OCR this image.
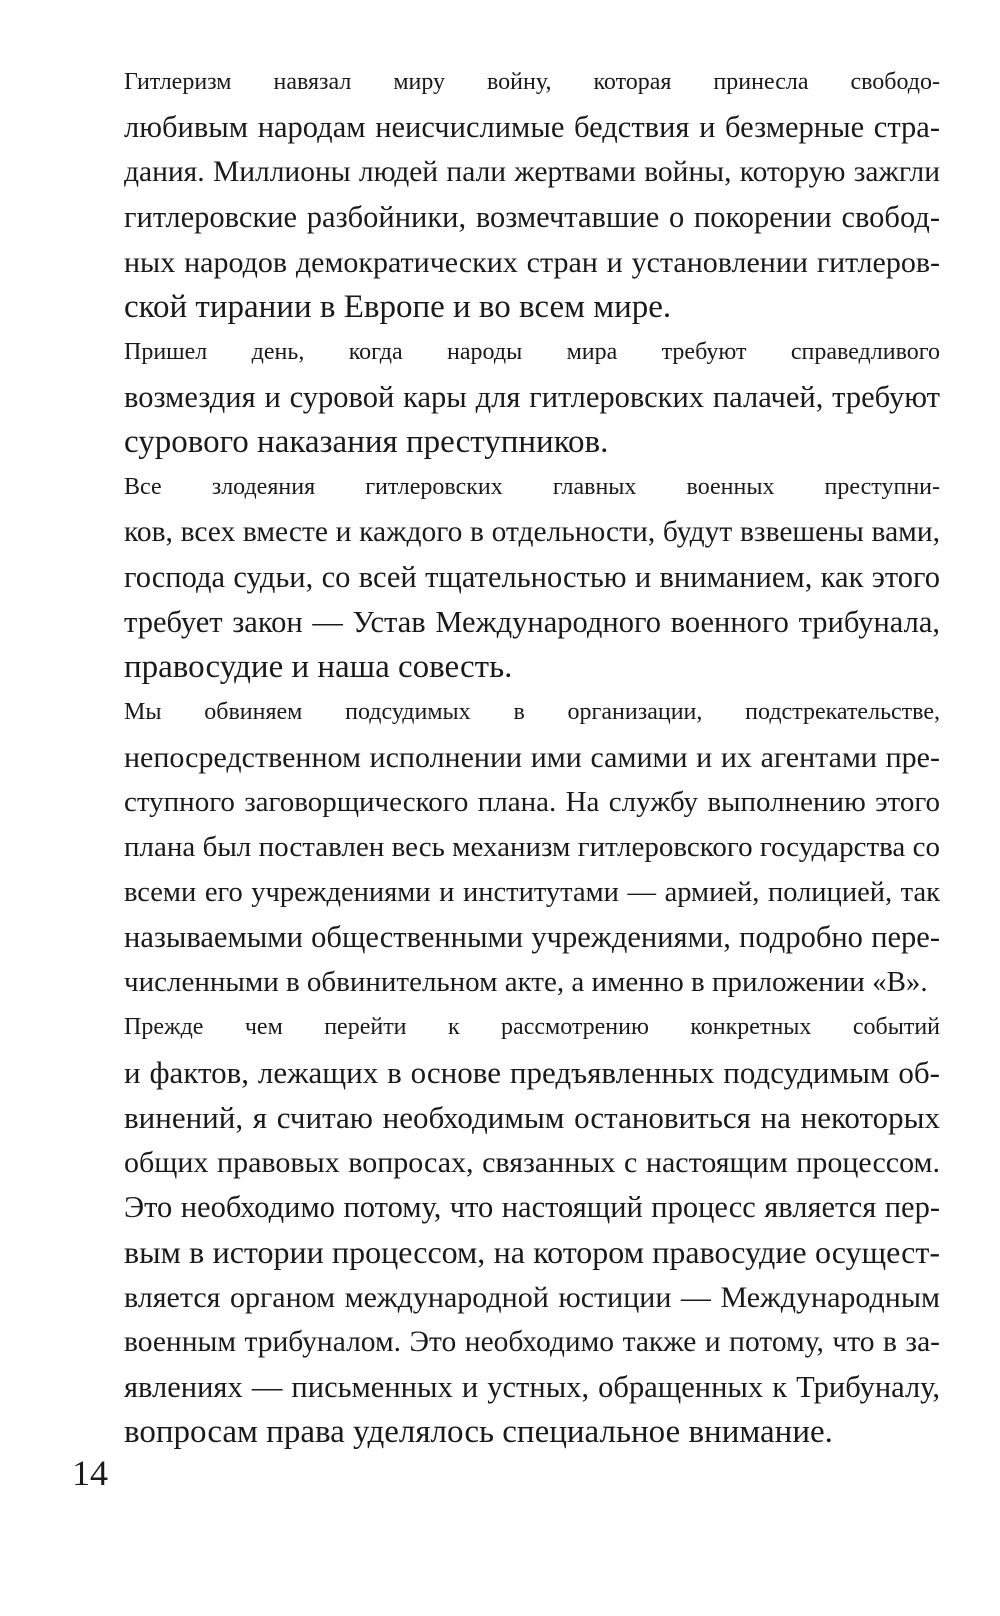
Гитлеризм навязал миру войну, которая принесла свободо-
любивым народам неисчислимые бедствия и безмерные стра-
дания. Миллионы людей пали жертвами войны, которую зажгли
гитлеровские разбойники, возмечтавшие о покорении свобод-
ных народов демократических стран и установлении гитлеров-
ской тирании в Европе и во всем мире.
Пришел день, когда народы мира требуют справедливого
возмездия и суровой кары для гитлеровских палачей, требуют
сурового наказания преступников.
Все злодеяния гитлеровских главных военных преступни-
ков, всех вместе и каждого в отдельности, будут взвешены вами,
господа судьи, со всей тщательностью и вниманием, как этого
требует закон — Устав Международного военного трибунала,
правосудие и наша совесть.
Мы обвиняем подсудимых в организации, подстрекательстве,
непосредственном исполнении ими самими и их агентами пре-
ступного заговорщического плана. На службу выполнению этого
плана был поставлен весь механизм гитлеровского государства со
всеми его учреждениями и институтами — армией, полицией, так
называемыми общественными учреждениями, подробно пере-
численными в обвинительном акте, а именно в приложении «В».
Прежде чем перейти к рассмотрению конкретных событий
и фактов, лежащих в основе предъявленных подсудимым об-
винений, я считаю необходимым остановиться на некоторых
общих правовых вопросах, связанных с настоящим процессом.
Это необходимо потому, что настоящий процесс является пер-
вым в истории процессом, на котором правосудие осущест-
вляется органом международной юстиции — Международным
военным трибуналом. Это необходимо также и потому, что в за-
явлениях — письменных и устных, обращенных к Трибуналу,
вопросам права уделялось специальное внимание.
14
